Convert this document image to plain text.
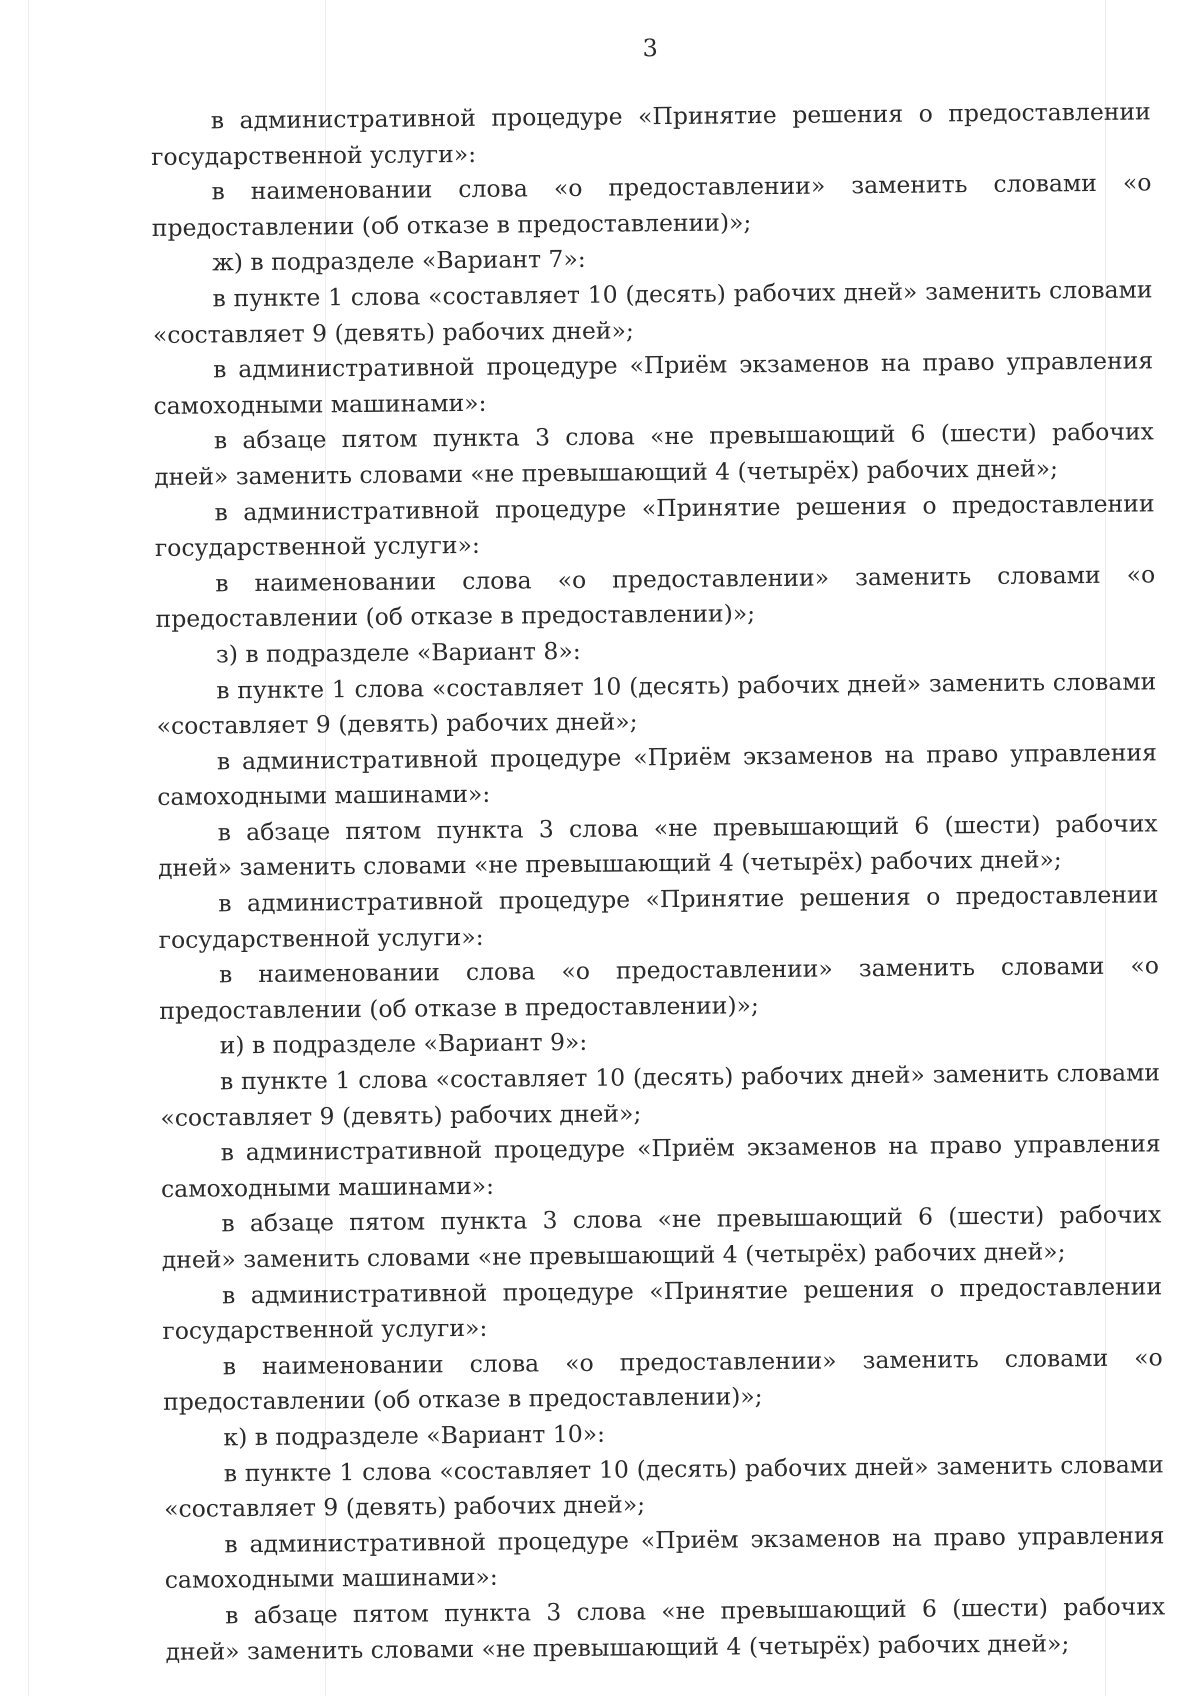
3

в административной процедуре «Принятие решения о предоставлении государственной услуги»:

в наименовании слова «о предоставлении» заменить словами «о предоставлении (об отказе в предоставлении)»;

ж) в подразделе «Вариант 7»:

в пункте 1 слова «составляет 10 (десять) рабочих дней» заменить словами «составляет 9 (девять) рабочих дней»;

в административной процедуре «Приём экзаменов на право управления самоходными машинами»:

в абзаце пятом пункта 3 слова «не превышающий 6 (шести) рабочих дней» заменить словами «не превышающий 4 (четырёх) рабочих дней»;

в административной процедуре «Принятие решения о предоставлении государственной услуги»:

в наименовании слова «о предоставлении» заменить словами «о предоставлении (об отказе в предоставлении)»;

з) в подразделе «Вариант 8»:

в пункте 1 слова «составляет 10 (десять) рабочих дней» заменить словами «составляет 9 (девять) рабочих дней»;

в административной процедуре «Приём экзаменов на право управления самоходными машинами»:

в абзаце пятом пункта 3 слова «не превышающий 6 (шести) рабочих дней» заменить словами «не превышающий 4 (четырёх) рабочих дней»;

в административной процедуре «Принятие решения о предоставлении государственной услуги»:

в наименовании слова «о предоставлении» заменить словами «о предоставлении (об отказе в предоставлении)»;

и) в подразделе «Вариант 9»:

в пункте 1 слова «составляет 10 (десять) рабочих дней» заменить словами «составляет 9 (девять) рабочих дней»;

в административной процедуре «Приём экзаменов на право управления самоходными машинами»:

в абзаце пятом пункта 3 слова «не превышающий 6 (шести) рабочих дней» заменить словами «не превышающий 4 (четырёх) рабочих дней»;

в административной процедуре «Принятие решения о предоставлении государственной услуги»:

в наименовании слова «о предоставлении» заменить словами «о предоставлении (об отказе в предоставлении)»;

к) в подразделе «Вариант 10»:

в пункте 1 слова «составляет 10 (десять) рабочих дней» заменить словами «составляет 9 (девять) рабочих дней»;

в административной процедуре «Приём экзаменов на право управления самоходными машинами»:

в абзаце пятом пункта 3 слова «не превышающий 6 (шести) рабочих дней» заменить словами «не превышающий 4 (четырёх) рабочих дней»;
